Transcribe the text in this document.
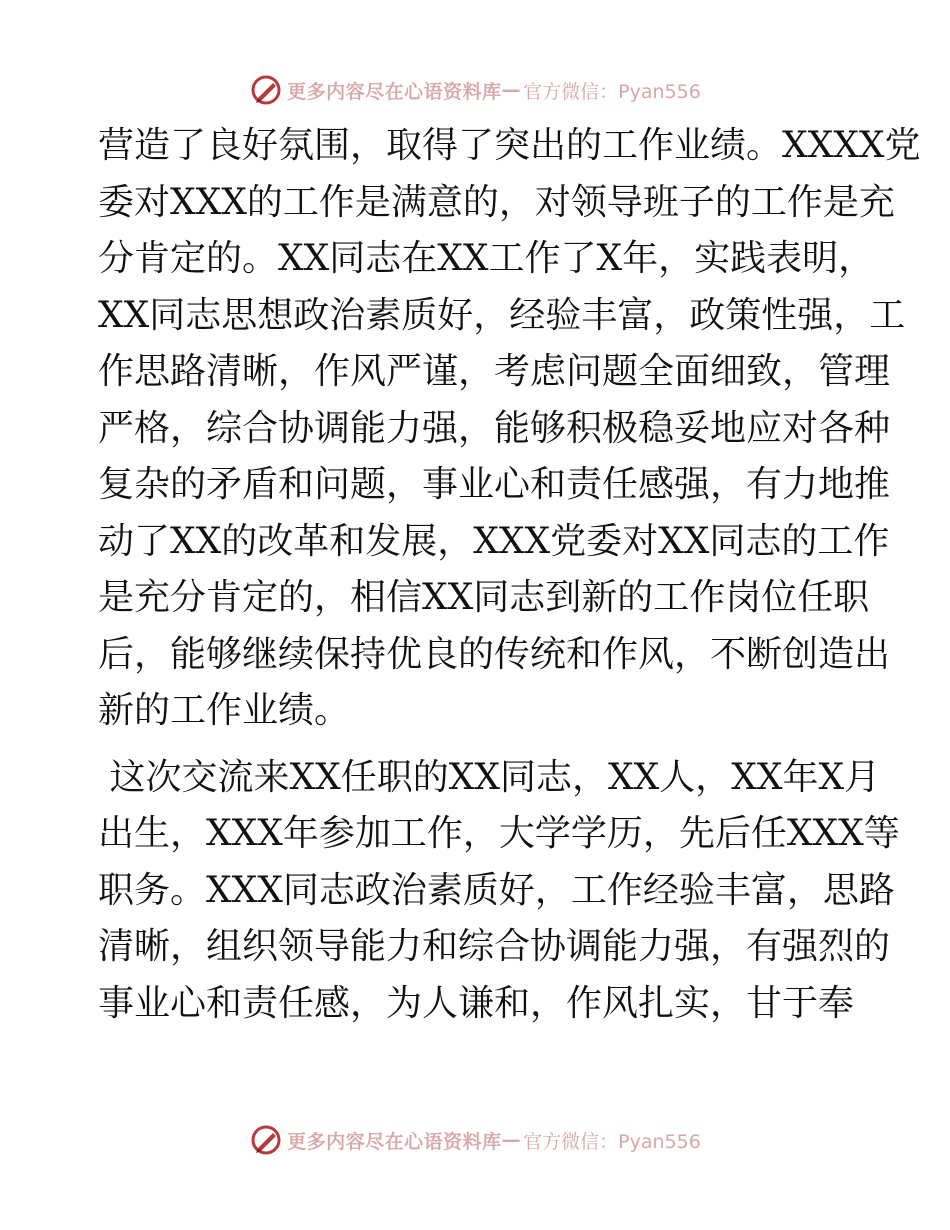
更多内容尽在心语资料库 — 官方微信：Pyan556

营造了良好氛围，取得了突出的工作业绩。XXXX党
委对XXX的工作是满意的，对领导班子的工作是充
分肯定的。XX同志在XX工作了X年，实践表明，
XX同志思想政治素质好，经验丰富，政策性强，工
作思路清晰，作风严谨，考虑问题全面细致，管理
严格，综合协调能力强，能够积极稳妥地应对各种
复杂的矛盾和问题，事业心和责任感强，有力地推
动了XX的改革和发展，XXX党委对XX同志的工作
是充分肯定的，相信XX同志到新的工作岗位任职
后，能够继续保持优良的传统和作风，不断创造出
新的工作业绩。

这次交流来XX任职的XX同志，XX人，XX年X月
出生，XXX年参加工作，大学学历，先后任XXX等
职务。XXX同志政治素质好，工作经验丰富，思路
清晰，组织领导能力和综合协调能力强，有强烈的
事业心和责任感，为人谦和，作风扎实，甘于奉

更多内容尽在心语资料库 — 官方微信：Pyan556
